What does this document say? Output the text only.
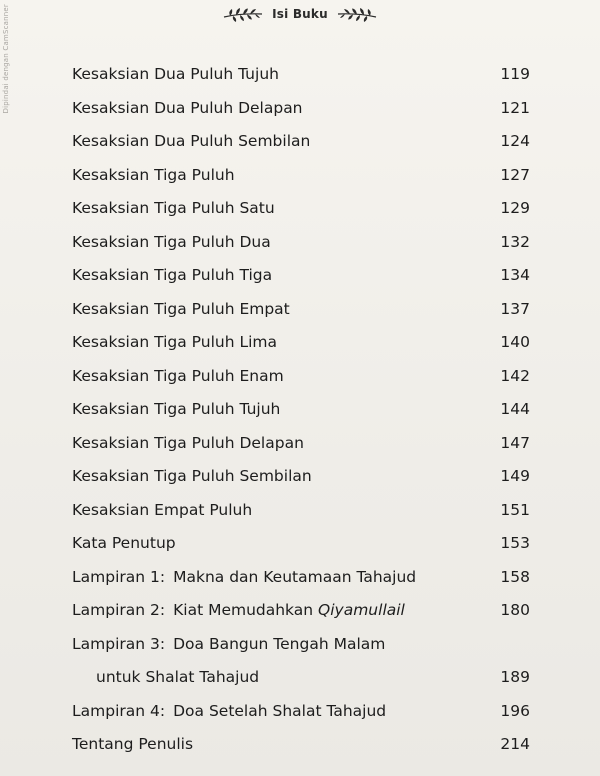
Dipindai dengan CamScanner	Isi Buku
Kesaksian Dua Puluh Tujuh	119
Kesaksian Dua Puluh Delapan	121
Kesaksian Dua Puluh Sembilan	124
Kesaksian Tiga Puluh	127
Kesaksian Tiga Puluh Satu	129
Kesaksian Tiga Puluh Dua	132
Kesaksian Tiga Puluh Tiga	134
Kesaksian Tiga Puluh Empat	137
Kesaksian Tiga Puluh Lima	140
Kesaksian Tiga Puluh Enam	142
Kesaksian Tiga Puluh Tujuh	144
Kesaksian Tiga Puluh Delapan	147
Kesaksian Tiga Puluh Sembilan	149
Kesaksian Empat Puluh	151
Kata Penutup	153
Lampiran 1: Makna dan Keutamaan Tahajud	158
Lampiran 2: Kiat Memudahkan Qiyamullail	180
Lampiran 3: Doa Bangun Tengah Malam
untuk Shalat Tahajud	189
Lampiran 4: Doa Setelah Shalat Tahajud	196
Tentang Penulis	214
